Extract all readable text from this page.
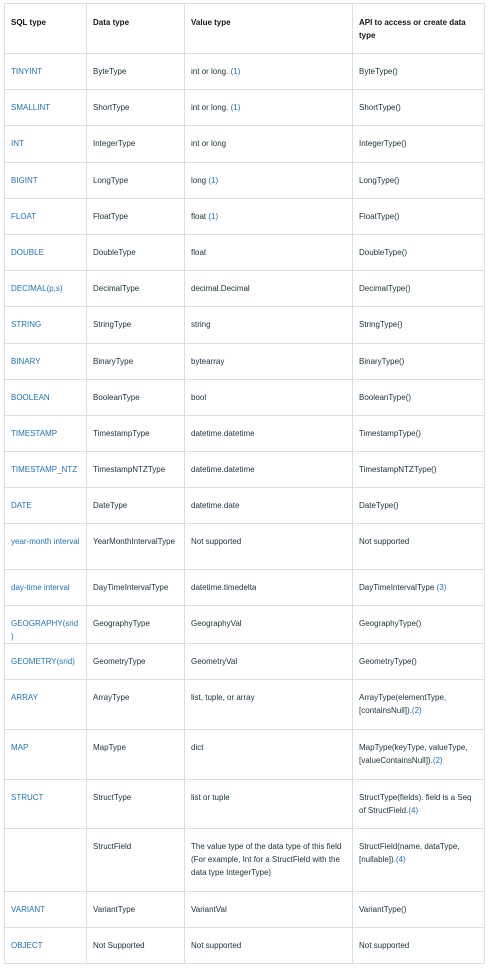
SQL type	Data type	Value type	API to access or create data type
TINYINT	ByteType	int or long. (1)	ByteType()
SMALLINT	ShortType	int or long. (1)	ShortType()
INT	IntegerType	int or long	IntegerType()
BIGINT	LongType	long (1)	LongType()
FLOAT	FloatType	float (1)	FloatType()
DOUBLE	DoubleType	float	DoubleType()
DECIMAL(p,s)	DecimalType	decimal.Decimal	DecimalType()
STRING	StringType	string	StringType()
BINARY	BinaryType	bytearray	BinaryType()
BOOLEAN	BooleanType	bool	BooleanType()
TIMESTAMP	TimestampType	datetime.datetime	TimestampType()
TIMESTAMP_NTZ	TimestampNTZType	datetime.datetime	TimestampNTZType()
DATE	DateType	datetime.date	DateType()
year-month interval	YearMonthIntervalType	Not supported	Not supported
day-time interval	DayTimeIntervalType	datetime.timedelta	DayTimeIntervalType (3)
GEOGRAPHY(srid)	GeographyType	GeographyVal	GeographyType()
GEOMETRY(srid)	GeometryType	GeometryVal	GeometryType()
ARRAY	ArrayType	list, tuple, or array	ArrayType(elementType, [containsNull]).(2)
MAP	MapType	dict	MapType(keyType, valueType, [valueContainsNull]).(2)
STRUCT	StructType	list or tuple	StructType(fields). field is a Seq of StructField.(4)
	StructField	The value type of the data type of this field (For example, Int for a StructField with the data type IntegerType)	StructField(name, dataType, [nullable]).(4)
VARIANT	VariantType	VariantVal	VariantType()
OBJECT	Not Supported	Not supported	Not supported
